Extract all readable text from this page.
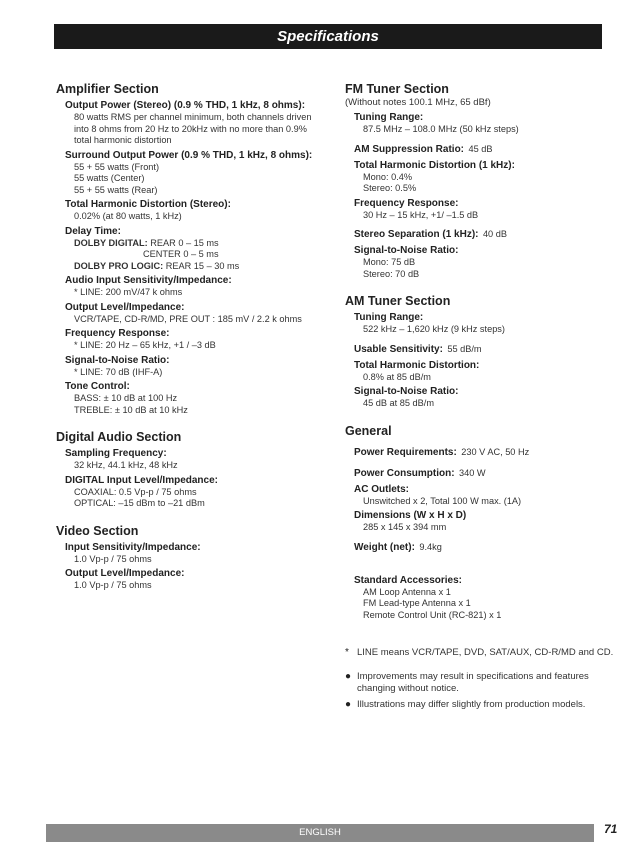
Specifications
Amplifier Section
Output Power (Stereo) (0.9 % THD, 1 kHz, 8 ohms):
80 watts RMS per channel minimum, both channels driven
into 8 ohms from 20 Hz to 20kHz with no more than 0.9%
total harmonic distortion
Surround Output Power (0.9 % THD, 1 kHz, 8 ohms):
55 + 55 watts (Front)
55 watts (Center)
55 + 55 watts (Rear)
Total Harmonic Distortion (Stereo):
0.02% (at 80 watts, 1 kHz)
Delay Time:
DOLBY DIGITAL: REAR 0 – 15 ms
CENTER 0 – 5 ms
DOLBY PRO LOGIC: REAR 15 – 30 ms
Audio Input Sensitivity/Impedance:
* LINE: 200 mV/47 k ohms
Output Level/Impedance:
VCR/TAPE, CD-R/MD, PRE OUT : 185 mV / 2.2 k ohms
Frequency Response:
* LINE: 20 Hz – 65 kHz, +1 / –3 dB
Signal-to-Noise Ratio:
* LINE: 70 dB (IHF-A)
Tone Control:
BASS: ± 10 dB at 100 Hz
TREBLE: ± 10 dB at 10 kHz
Digital Audio Section
Sampling Frequency:
32 kHz, 44.1 kHz, 48 kHz
DIGITAL Input Level/Impedance:
COAXIAL: 0.5 Vp-p / 75 ohms
OPTICAL: –15 dBm to –21 dBm
Video Section
Input Sensitivity/Impedance:
1.0 Vp-p / 75 ohms
Output Level/Impedance:
1.0 Vp-p / 75 ohms
FM Tuner Section
(Without notes 100.1 MHz, 65 dBf)
Tuning Range:
87.5 MHz – 108.0 MHz (50 kHz steps)
AM Suppression Ratio: 45 dB
Total Harmonic Distortion (1 kHz):
Mono: 0.4%
Stereo: 0.5%
Frequency Response:
30 Hz – 15 kHz, +1/ –1.5 dB
Stereo Separation (1 kHz): 40 dB
Signal-to-Noise Ratio:
Mono: 75 dB
Stereo: 70 dB
AM Tuner Section
Tuning Range:
522 kHz – 1,620 kHz (9 kHz steps)
Usable Sensitivity: 55 dB/m
Total Harmonic Distortion:
0.8% at 85 dB/m
Signal-to-Noise Ratio:
45 dB at 85 dB/m
General
Power Requirements: 230 V AC, 50 Hz
Power Consumption: 340 W
AC Outlets:
Unswitched x 2, Total 100 W max. (1A)
Dimensions (W x H x D)
285 x 145 x 394 mm
Weight (net): 9.4kg
Standard Accessories:
AM Loop Antenna x 1
FM Lead-type Antenna x 1
Remote Control Unit (RC-821) x 1
* LINE means VCR/TAPE, DVD, SAT/AUX, CD-R/MD and CD.
● Improvements may result in specifications and features changing without notice.
● Illustrations may differ slightly from production models.
ENGLISH	71
